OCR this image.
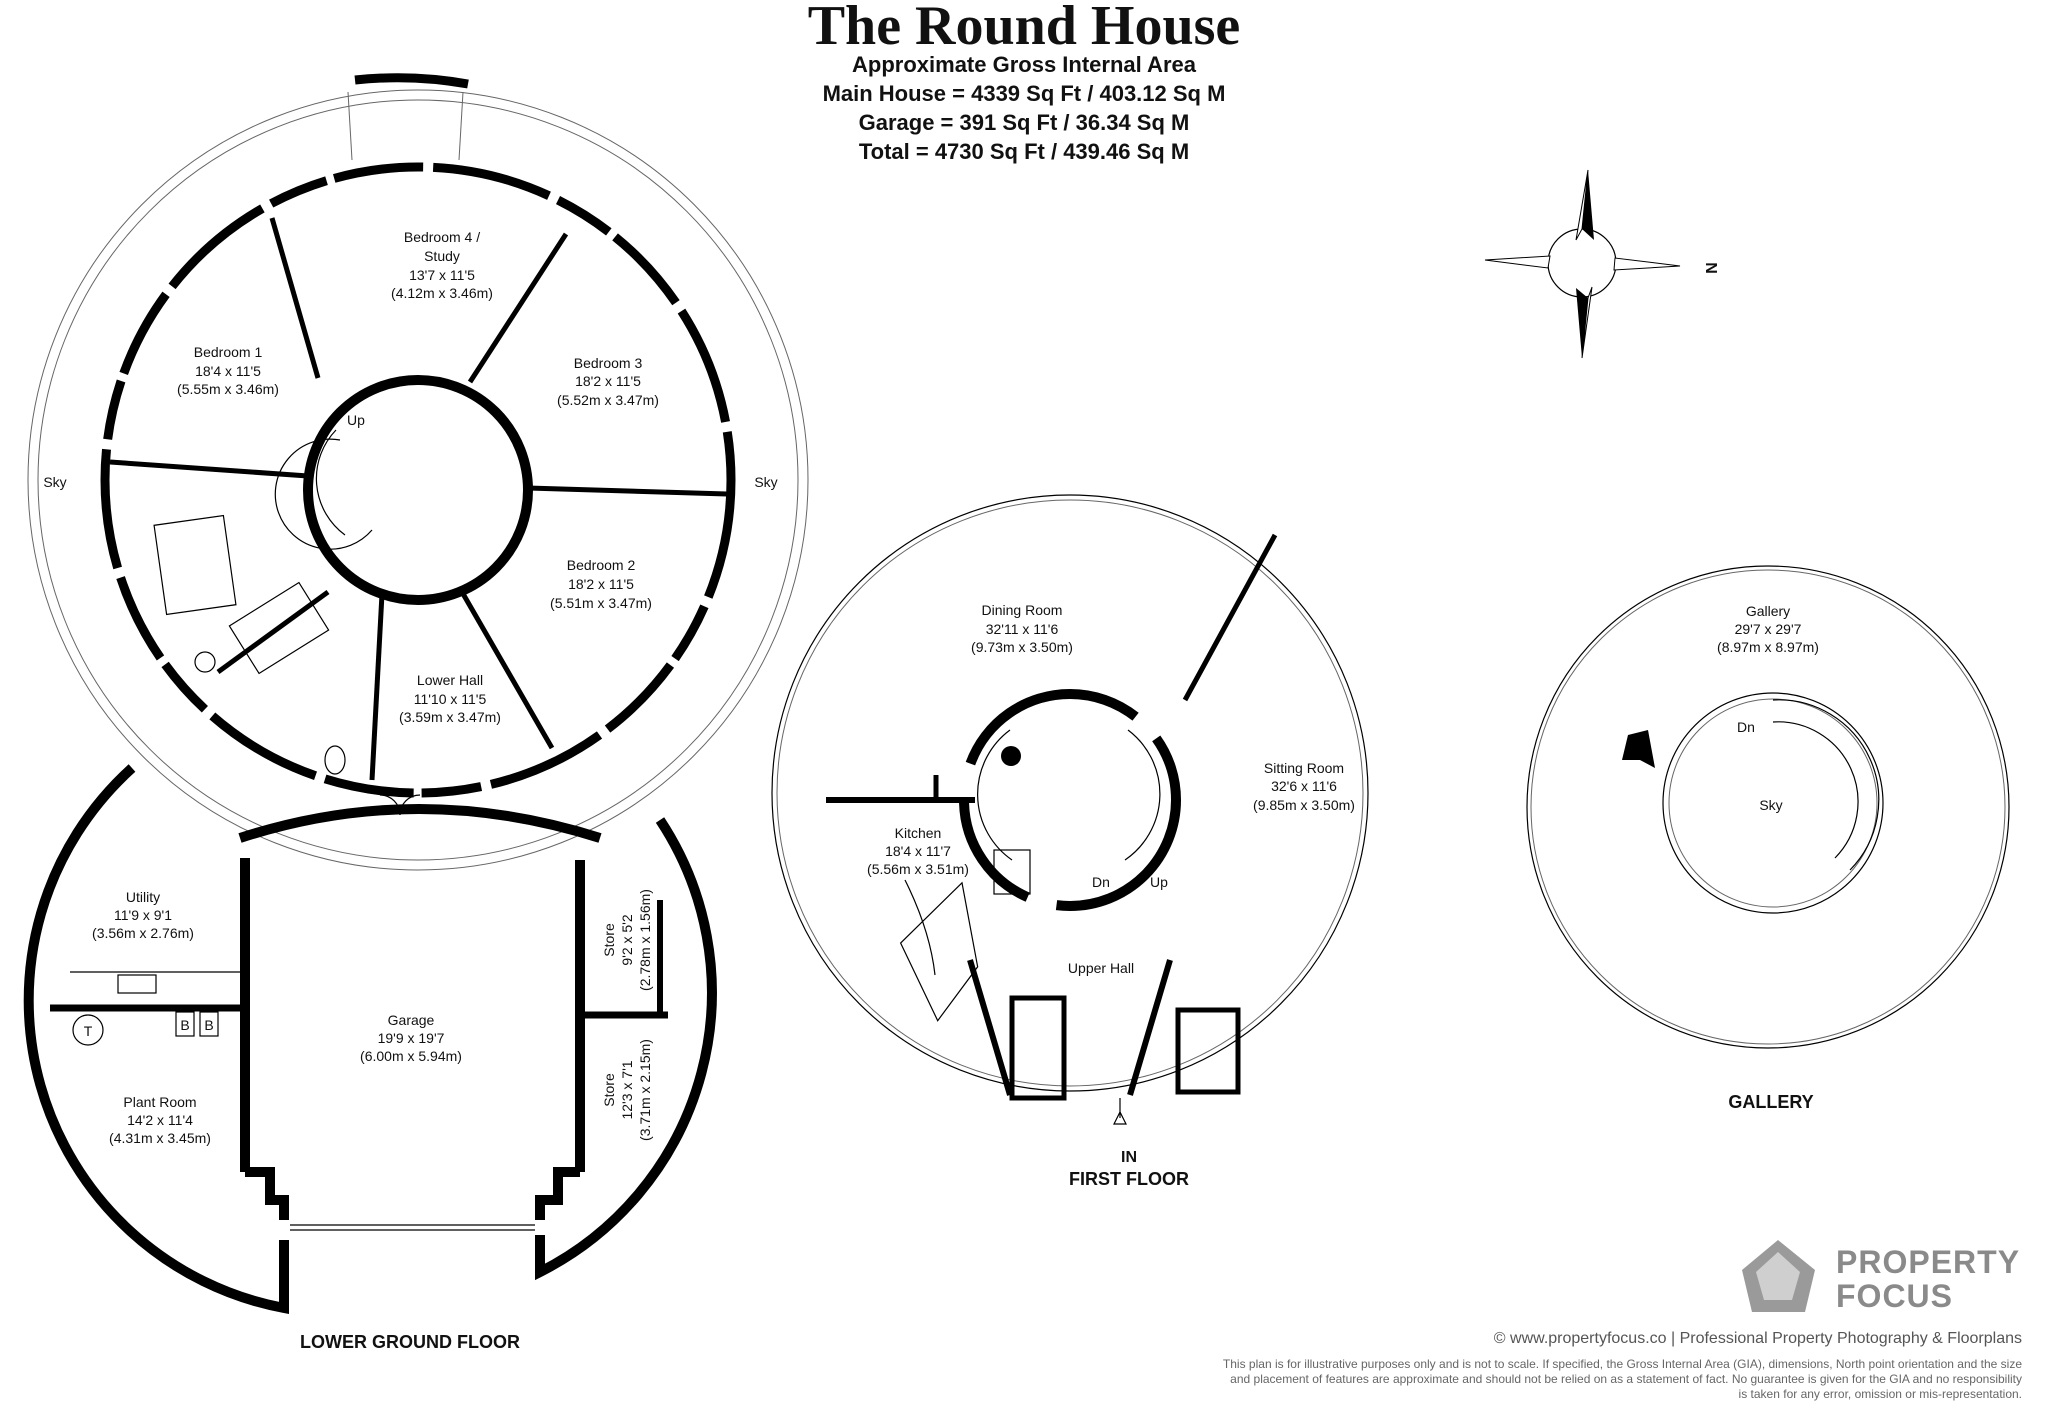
The Round House
Approximate Gross Internal Area
Main House = 4339 Sq Ft / 403.12 Sq M
Garage = 391 Sq Ft / 36.34 Sq M
Total = 4730 Sq Ft / 439.46 Sq M
N
Sky	Sky
Up
Bedroom 4 /
Study
13'7 x 11'5
(4.12m x 3.46m)
Bedroom 1
18'4 x 11'5
(5.55m x 3.46m)
Bedroom 3
18'2 x 11'5
(5.52m x 3.47m)
Bedroom 2
18'2 x 11'5
(5.51m x 3.47m)
Lower Hall
11'10 x 11'5
(3.59m x 3.47m)
Utility
11'9 x 9'1
(3.56m x 2.76m)
T	B B
Plant Room
14'2 x 11'4
(4.31m x 3.45m)
Garage
19'9 x 19'7
(6.00m x 5.94m)
Store 9'2 x 5'2 (2.78m x 1.56m)
Store 12'3 x 7'1 (3.71m x 2.15m)
LOWER GROUND FLOOR
Dining Room
32'11 x 11'6
(9.73m x 3.50m)
Sitting Room
32'6 x 11'6
(9.85m x 3.50m)
Kitchen
18'4 x 11'7
(5.56m x 3.51m)
Upper Hall
Dn	Up
IN
FIRST FLOOR
Gallery
29'7 x 29'7
(8.97m x 8.97m)
Dn
Sky
GALLERY
PROPERTY
FOCUS
© www.propertyfocus.co | Professional Property Photography & Floorplans
This plan is for illustrative purposes only and is not to scale. If specified, the Gross Internal Area (GIA), dimensions, North point orientation and the size and placement of features are approximate and should not be relied on as a statement of fact. No guarantee is given for the GIA and no responsibility is taken for any error, omission or mis-representation.
